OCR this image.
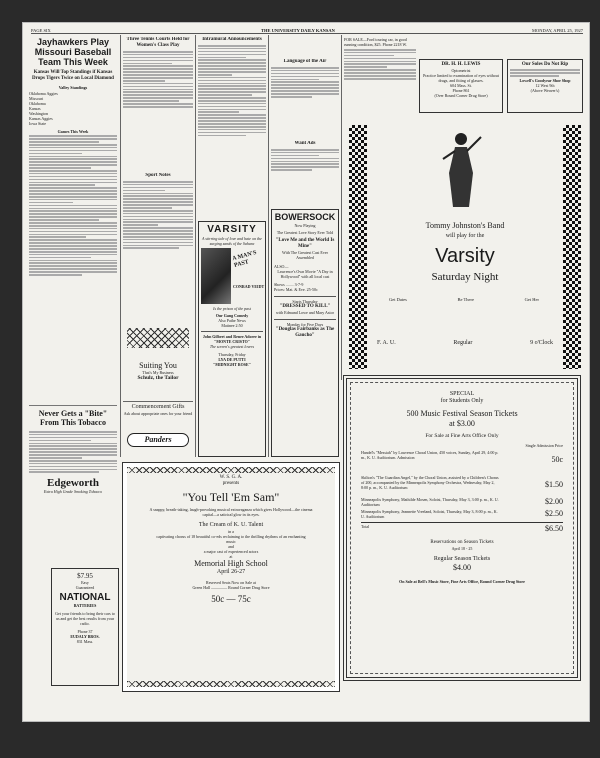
PAGE SIX	THE UNIVERSITY DAILY KANSAN	MONDAY, APRIL 25, 1927
Jayhawkers Play Missouri Baseball Team This Week
Kansas Will Top Standings if Kansas Drops Tigers Twice on Local Diamond
Valley Standings
Oklahoma Aggies
Missouri
Oklahoma
Kansas
Washington
Kansas Aggies
Iowa State
Games This Week
Never Gets a "Bite" From This Tobacco
Edgeworth
Extra High Grade Smoking Tobacco
$7.95
Easy
Guaranteed
NATIONAL
BATTERIES
Get your friends to bring their cars to us and get the best results from your radio.
Phone 37
EUDALY BROS.
831 Mass.
Three Tennis Courts Held for Women's Class Play
Sport Notes
Suiting You
That's My Business
Schulz, the Tailor
Commencement Gifts
Ask about appropriate ones for your friend
Panders
Intramural Announcements
VARSITY
A stirring tale of love and hate on the surging sands of the Sahara
A MAN'S PAST
CONRAD VEIDT
Is the prison of the past
Our Gang Comedy
Also Pathe News
Matinee 2:50
John Gilbert and Renee Adoree in
"MONTE CRISTO"
The screen's greatest lovers
Thursday, Friday
LYA DE PUTTI
"MIDNIGHT ROSE"
Language of the Air
Want Ads
BOWERSOCK
Now Playing
The Greatest Love Story Ever Told
"Love Me and the World Is Mine"
With The Greatest Cast Ever Assembled
ALSO—
Lawrence's Own Movie "A Day in Hollywood" with all local cast
Shows ........ 3-7-9
Prices: Mat. & Eve. 25-50c
Starts Thursday
"DRESSED TO KILL"
with Edmund Lowe and Mary Astor
Monday for Five Days
"Douglas Fairbanks as The Gaucho"
FOR SALE—Ford touring car, in good running condition, $25. Phone 2218 W.
DR. H. H. LEWIS
Optometrist
Practice limited to examination of eyes without drugs, and fitting of glasses.
604 Mass. St.
Phone 861
(Over Round Corner Drug Store)
Our Soles Do Not Rip
Lowell's Goodyear Shoe Shop
12 West 9th
(Above Weaver's)
Tommy Johnston's Band
will play for the
Varsity
Saturday Night
Get Dates	Be There	Get Her
F. A. U.	Regular	9 o'Clock
SPECIAL
for Students Only
500 Music Festival Season Tickets
at $3.00
For Sale at Fine Arts Office Only
Single Admission Price
Handel's "Messiah" by Lawrence Choral Union, 450 voices, Sunday, April 29, 4:00 p. m., K. U. Auditorium. Admission	50c
Skilton's "The Guardian Angel," by the Choral Union, assisted by a Children's Chorus of 200, accompanied by the Minneapolis Symphony Orchestra, Wednesday, May 2, 8:00 p. m., K. U. Auditorium	$1.50
Minneapolis Symphony, Mathilde Mosen, Soloist, Thursday, May 3, 3:00 p. m., K. U. Auditorium	$2.00
Minneapolis Symphony, Jeannette Vreeland, Soloist, Thursday, May 3, 8:00 p. m., K. U. Auditorium	$2.50
Total	$6.50
Reservations on Season Tickets
April 18 - 25
Regular Season Tickets
$4.00
On Sale at Bell's Music Store, Fine Arts Office, Round Corner Drug Store
W. S. G. A.
presents
"You Tell 'Em Sam"
A snappy, breath-taking, laugh-provoking musical extravaganza which gives Hollywood—the cinema capital—a satirical glow in its eyes.
The Cream of K. U. Talent
in a
captivating chorus of 18 beautiful co-eds reclaiming to the thrilling rhythms of an enchanting music
and
a major cast of experienced actors
at
Memorial High School
April 26-27
Reserved Seats Now on Sale at
Green Hall ———— Round Corner Drug Store
50c — 75c
